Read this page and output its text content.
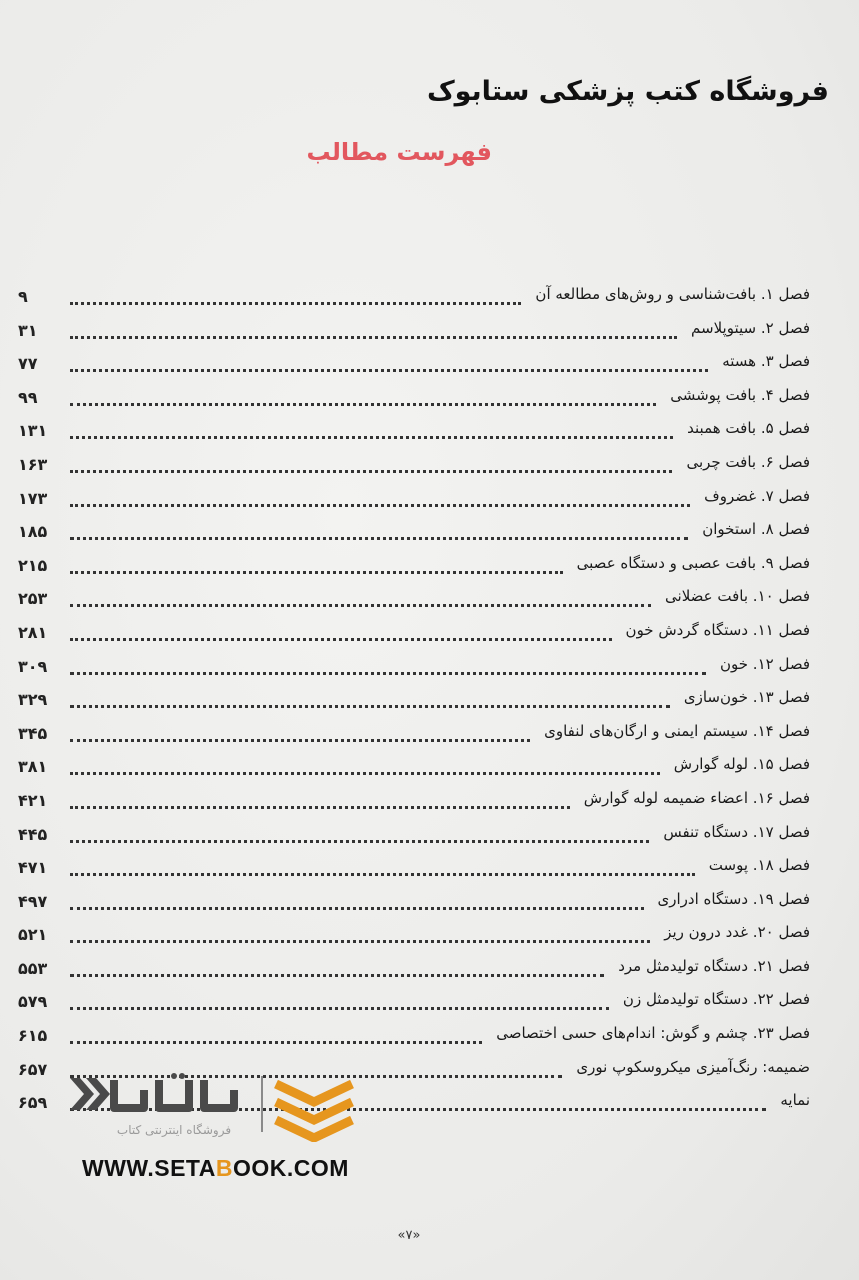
فروشگاه کتب پزشکی ستابوک
فهرست مطالب
۹	فصل ۱. بافت‌شناسی و روش‌های مطالعه آن
۳۱	فصل ۲. سیتوپلاسم
۷۷	فصل ۳. هسته
۹۹	فصل ۴. بافت پوششی
۱۳۱	فصل ۵. بافت همبند
۱۶۳	فصل ۶. بافت چربی
۱۷۳	فصل ۷. غضروف
۱۸۵	فصل ۸. استخوان
۲۱۵	فصل ۹. بافت عصبی و دستگاه عصبی
۲۵۳	فصل ۱۰. بافت عضلانی
۲۸۱	فصل ۱۱. دستگاه گردش خون
۳۰۹	فصل ۱۲. خون
۳۲۹	فصل ۱۳. خون‌سازی
۳۴۵	فصل ۱۴. سیستم ایمنی و ارگان‌های لنفاوی
۳۸۱	فصل ۱۵. لوله گوارش
۴۲۱	فصل ۱۶. اعضاء ضمیمه لوله گوارش
۴۴۵	فصل ۱۷. دستگاه تنفس
۴۷۱	فصل ۱۸. پوست
۴۹۷	فصل ۱۹. دستگاه ادراری
۵۲۱	فصل ۲۰. غدد درون ریز
۵۵۳	فصل ۲۱. دستگاه تولیدمثل مرد
۵۷۹	فصل ۲۲. دستگاه تولیدمثل زن
۶۱۵	فصل ۲۳. چشم و گوش: اندام‌های حسی اختصاصی
۶۵۷	ضمیمه: رنگ‌آمیزی میکروسکوپ نوری
۶۵۹	نمایه
فروشگاه اینترنتی کتاب
WWW.SETABOOK.COM
«۷»
